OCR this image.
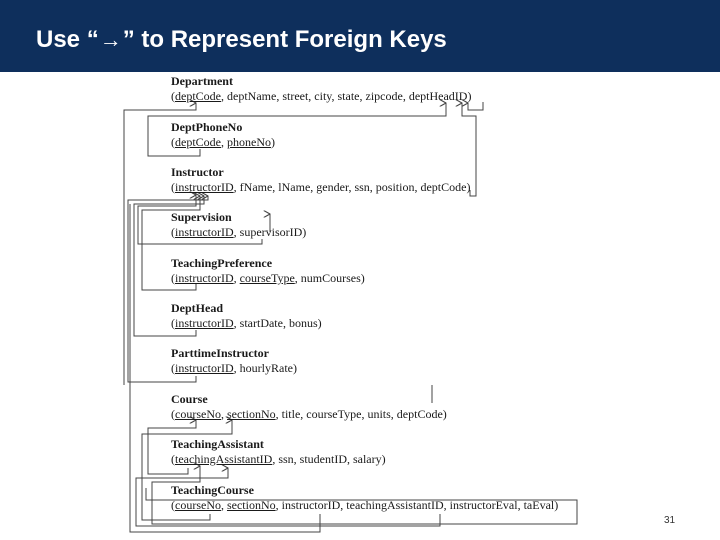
Use “→” to Represent Foreign Keys
Department
(deptCode, deptName, street, city, state, zipcode, deptHeadID)
DeptPhoneNo
(deptCode, phoneNo)
Instructor
(instructorID, fName, lName, gender, ssn, position, deptCode)
Supervision
(instructorID, supervisorID)
TeachingPreference
(instructorID, courseType, numCourses)
DeptHead
(instructorID, startDate, bonus)
ParttimeInstructor
(instructorID, hourlyRate)
Course
(courseNo, sectionNo, title, courseType, units, deptCode)
TeachingAssistant
(teachingAssistantID, ssn, studentID, salary)
TeachingCourse
(courseNo, sectionNo, instructorID, teachingAssistantID, instructorEval, taEval)
31
